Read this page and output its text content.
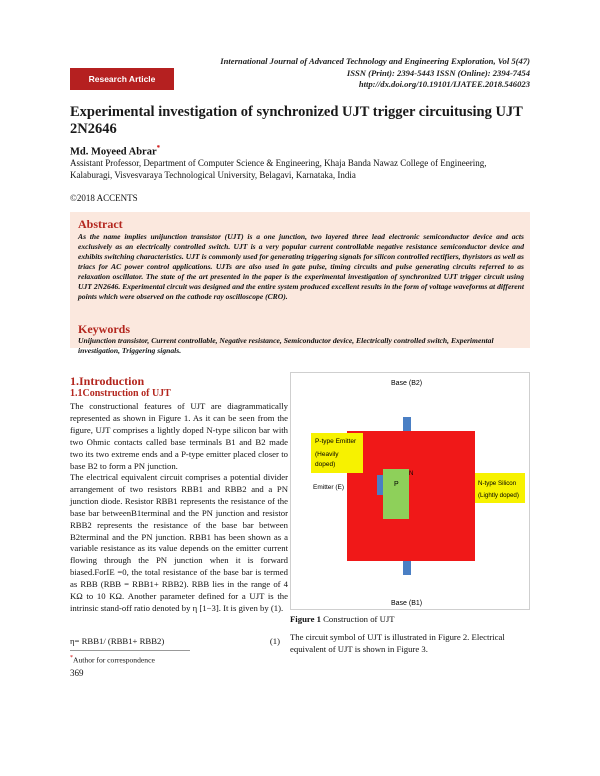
International Journal of Advanced Technology and Engineering Exploration, Vol 5(47)
ISSN (Print): 2394-5443 ISSN (Online): 2394-7454
http://dx.doi.org/10.19101/IJATEE.2018.546023
Research Article
Experimental investigation of synchronized UJT trigger circuitusing UJT 2N2646
Md. Moyeed Abrar*
Assistant Professor, Department of Computer Science & Engineering, Khaja Banda Nawaz College of Engineering, Kalaburagi, Visvesvaraya Technological University, Belagavi, Karnataka, India
©2018 ACCENTS
Abstract
As the name implies unijunction transistor (UJT) is a one junction, two layered three lead electronic semiconductor device and acts exclusively as an electrically controlled switch. UJT is a very popular current controllable negative resistance semiconductor device and exhibits switching characteristics. UJT is commonly used for generating triggering signals for silicon controlled rectifiers, thyristors as well as triacs for AC power control applications. UJTs are also used in gate pulse, timing circuits and pulse generating circuits referred to as relaxation oscillator. The state of the art presented in the paper is the experimental investigation of synchronized UJT trigger circuit using UJT 2N2646. Experimental circuit was designed and the entire system produced excellent results in the form of voltage waveforms at different points which were observed on the cathode ray oscilloscope (CRO).
Keywords
Unijunction transistor, Current controllable, Negative resistance, Semiconductor device, Electrically controlled switch, Experimental investigation, Triggering signals.
1.Introduction
1.1Construction of UJT
The constructional features of UJT are diagrammatically represented as shown in Figure 1. As it can be seen from the figure, UJT comprises a lightly doped N-type silicon bar with two Ohmic contacts called base terminals B1 and B2 made two its two extreme ends and a P-type emitter placed closer to base B2 to form a PN junction.
The electrical equivalent circuit comprises a potential divider arrangement of two resistors RBB1 and RBB2 and a PN junction diode. Resistor RBB1 represents the resistance of the base bar betweenB1terminal and the PN junction and resistor RBB2 represents the resistance of the base bar between B2terminal and the PN junction. RBB1 has been shown as a variable resistance as its value depends on the emitter current flowing through the PN junction when it is forward biased.ForIE =0, the total resistance of the base bar is termed as RBB (RBB = RBB1+ RBB2). RBB lies in the range of 4 KΩ to 10 KΩ. Another parameter defined for a UJT is the intrinsic stand-off ratio denoted by η [1−3]. It is given by (1).
η= RBB1/ (RBB1+ RBB2)	(1)
Base (B2)
Base (B1)
P-type Emitter
(Heavily
doped)
Emitter (E)	P
N
N-type Silicon
(Lightly doped)
Figure 1 Construction of UJT
The circuit symbol of UJT is illustrated in Figure 2. Electrical equivalent of UJT is shown in Figure 3.
*Author for correspondence
369
